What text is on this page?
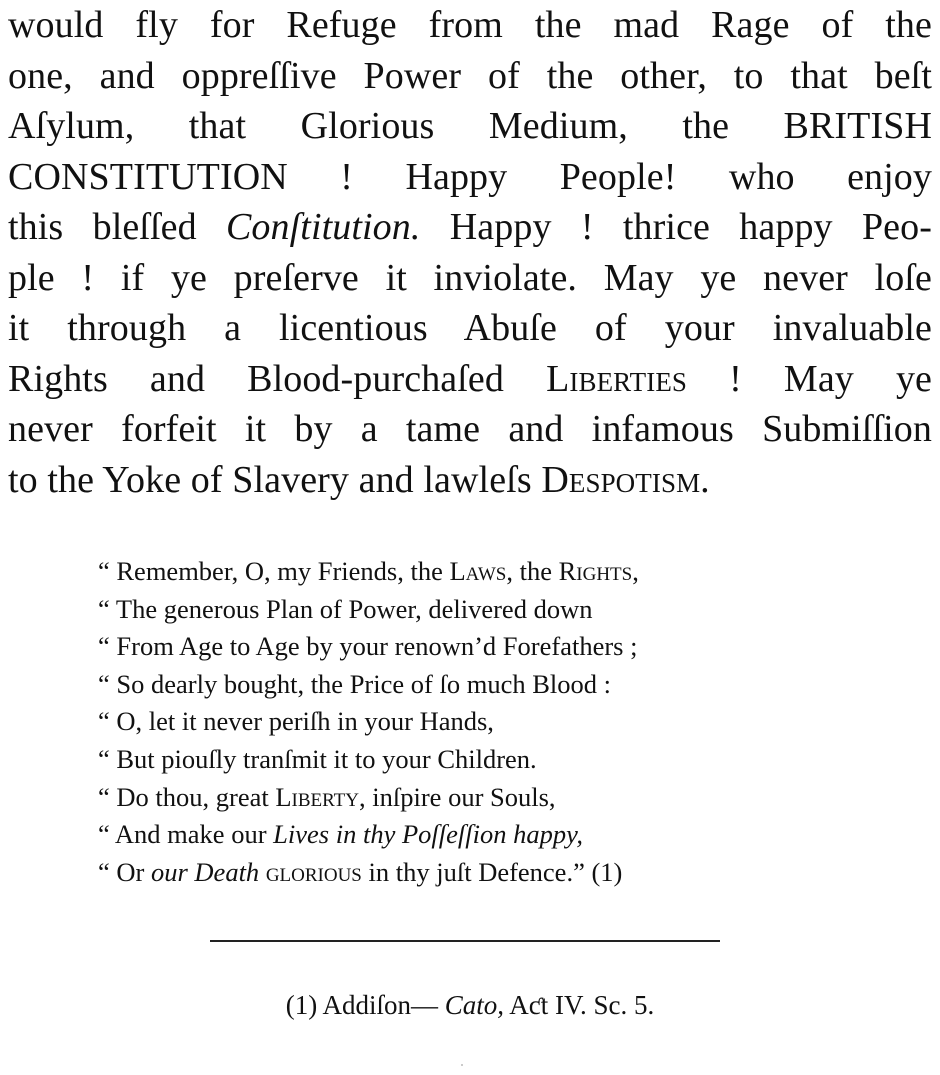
would fly for Refuge from the mad Rage of the
one, and oppreſſive Power of the other, to that beſt
Aſylum, that Glorious Medium, the BRITISH
CONSTITUTION ! Happy People! who enjoy
this bleſſed Conſtitution. Happy ! thrice happy Peo-
ple ! if ye preſerve it inviolate. May ye never loſe
it through a licentious Abuſe of your invaluable
Rights and Blood-purchaſed Liberties ! May ye
never forfeit it by a tame and infamous Submiſſion
to the Yoke of Slavery and lawleſs Despotism.
“ Remember, O, my Friends, the Laws, the Rights,
“ The generous Plan of Power, delivered down
“ From Age to Age by your renown’d Forefathers ;
“ So dearly bought, the Price of ſo much Blood :
“ O, let it never periſh in your Hands,
“ But piouſly tranſmit it to your Children.
“ Do thou, great Liberty, inſpire our Souls,
“ And make our Lives in thy Poſſeſſion happy,
“ Or our Death glorious in thy juſt Defence.” (1)
(1) Addiſon— Cato, Aƈt IV. Sc. 5.
